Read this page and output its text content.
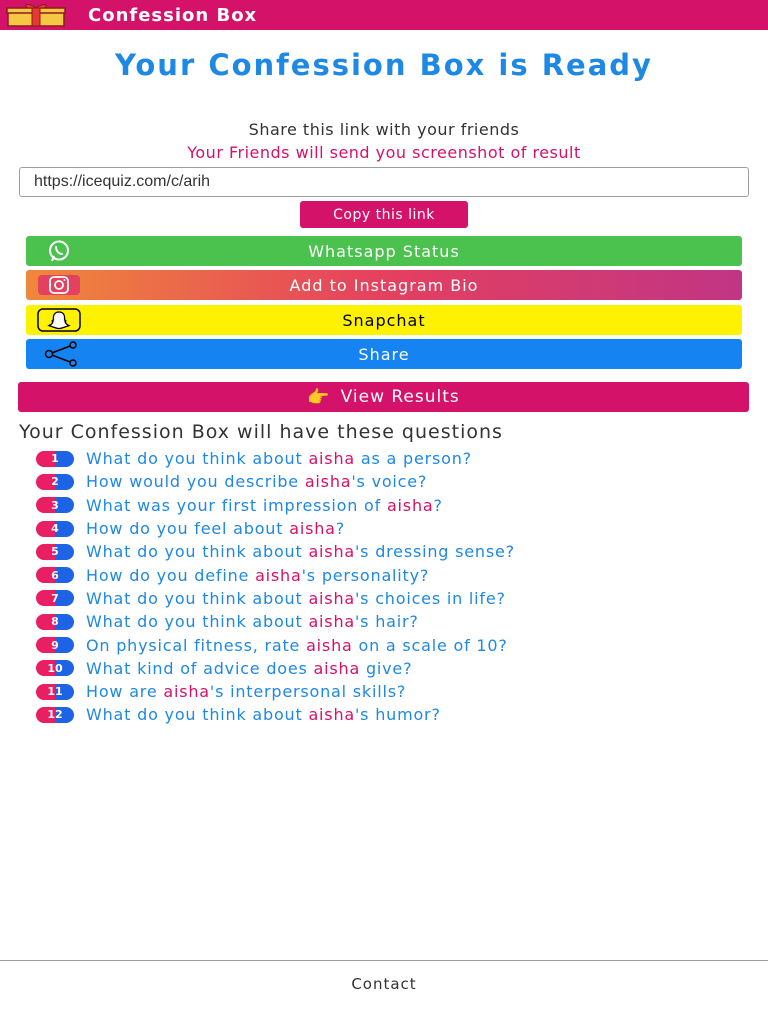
Confession Box
Your Confession Box is Ready
Share this link with your friends
Your Friends will send you screenshot of result
https://icequiz.com/c/arih
Copy this link
Whatsapp Status
Add to Instagram Bio
Snapchat
Share
👉 View Results
Your Confession Box will have these questions
1	What do you think about aisha as a person?
2	How would you describe aisha's voice?
3	What was your first impression of aisha?
4	How do you feel about aisha?
5	What do you think about aisha's dressing sense?
6	How do you define aisha's personality?
7	What do you think about aisha's choices in life?
8	What do you think about aisha's hair?
9	On physical fitness, rate aisha on a scale of 10?
10	What kind of advice does aisha give?
11	How are aisha's interpersonal skills?
12	What do you think about aisha's humor?
Contact
